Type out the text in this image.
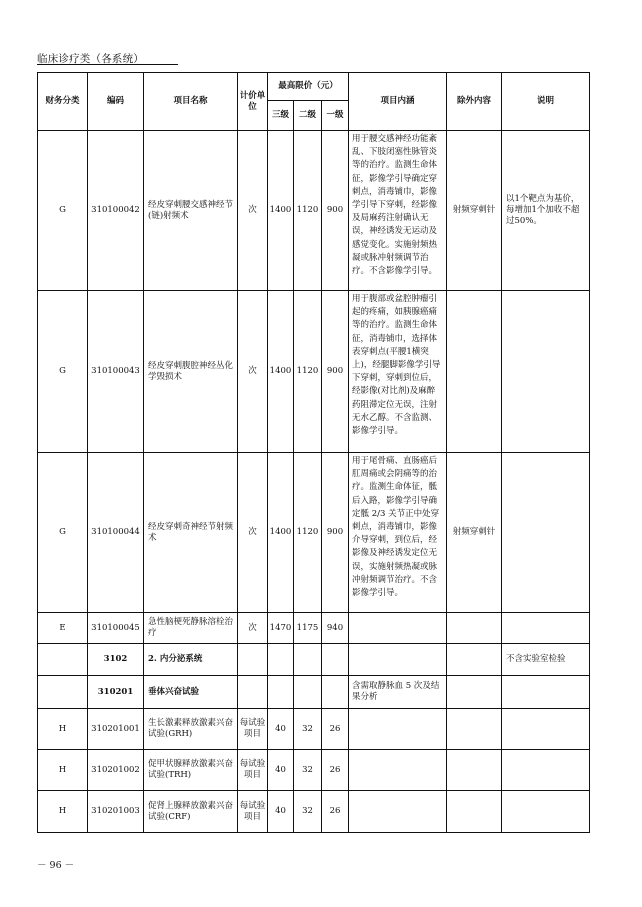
临床诊疗类（各系统）
财务分类	编码	项目名称	计价单位	最高限价（元）			项目内涵	除外内容	说明
				三级	二级	一级			
G	310100042	经皮穿刺腰交感神经节(链)射频术	次	1400	1120	900	用于腰交感神经功能紊乱、下肢闭塞性脉管炎等的治疗。监测生命体征，影像学引导确定穿刺点，消毒铺巾，影像学引导下穿刺，经影像及局麻药注射确认无误，神经诱发无运动及感觉变化。实施射频热凝或脉冲射频调节治疗。不含影像学引导。	射频穿刺针	以1个靶点为基价，每增加1个加收不超过50%。
G	310100043	经皮穿刺腹腔神经丛化学毁损术	次	1400	1120	900	用于腹部或盆腔肿瘤引起的疼痛，如胰腺癌痛等的治疗。监测生命体征，消毒铺巾，选择体表穿刺点(平腰1横突上)，经腿脚影像学引导下穿刺，穿刺到位后，经影像(对比剂)及麻醉药阻滞定位无误，注射无水乙醇。不含监测、影像学引导。		
G	310100044	经皮穿刺奇神经节射频术	次	1400	1120	900	用于尾骨痛、直肠癌后肛周痛或会阴痛等的治疗。监测生命体征，骶后入路，影像学引导确定骶 2/3 关节正中处穿刺点，消毒铺巾，影像介导穿刺，到位后，经影像及神经诱发定位无误，实施射频热凝或脉冲射频调节治疗。不含影像学引导。	射频穿刺针	
E	310100045	急性脑梗死静脉溶栓治疗	次	1470	1175	940			
	3102	2. 内分泌系统							不含实验室检验
	310201	垂体兴奋试验					含需取静脉血 5 次及结果分析		
H	310201001	生长激素释放激素兴奋试验(GRH)	每试验项目	40	32	26			
H	310201002	促甲状腺释放激素兴奋试验(TRH)	每试验项目	40	32	26			
H	310201003	促肾上腺释放激素兴奋试验(CRF)	每试验项目	40	32	26			
－ 96 －
